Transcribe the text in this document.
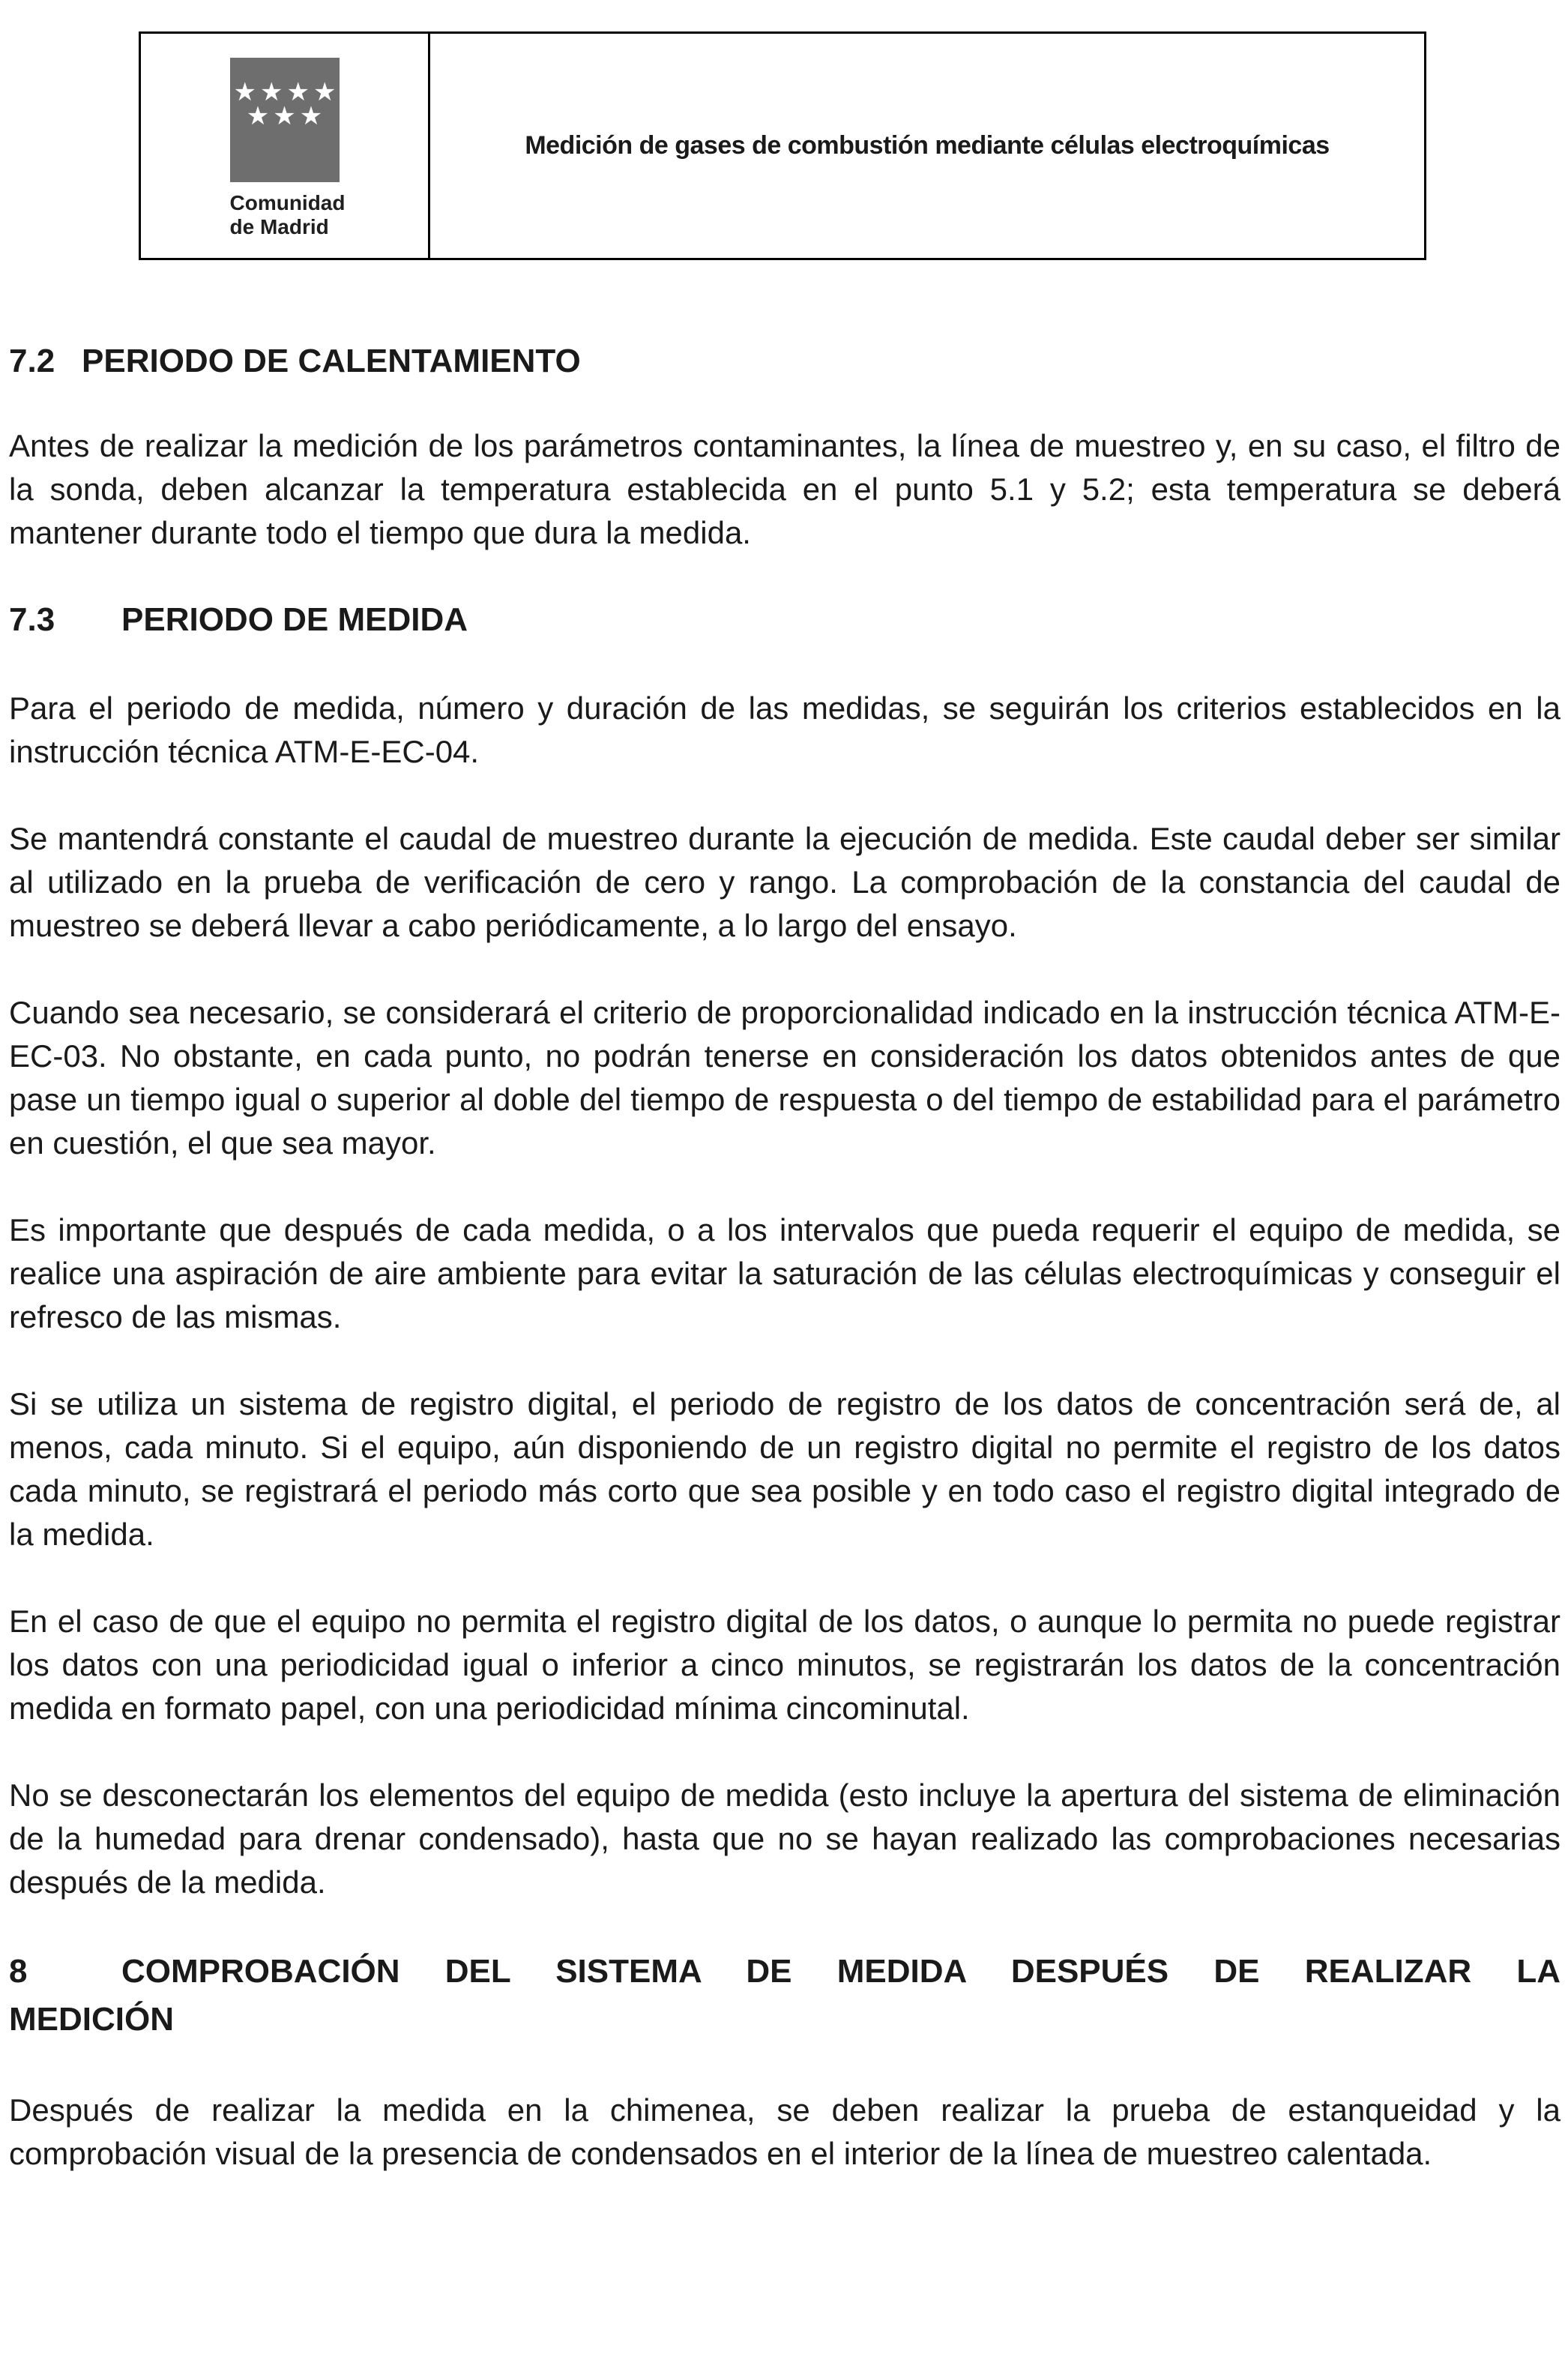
★★★★
★★★
Comunidad
de Madrid
Medición de gases de combustión mediante células electroquímicas
7.2 PERIODO DE CALENTAMIENTO

Antes de realizar la medición de los parámetros contaminantes, la línea de muestreo y, en su caso, el filtro de la sonda, deben alcanzar la temperatura establecida en el punto 5.1 y 5.2; esta temperatura se deberá mantener durante todo el tiempo que dura la medida.

7.3 PERIODO DE MEDIDA

Para el periodo de medida, número y duración de las medidas, se seguirán los criterios establecidos en la instrucción técnica ATM-E-EC-04.

Se mantendrá constante el caudal de muestreo durante la ejecución de medida. Este caudal deber ser similar al utilizado en la prueba de verificación de cero y rango. La comprobación de la constancia del caudal de muestreo se deberá llevar a cabo periódicamente, a lo largo del ensayo.

Cuando sea necesario, se considerará el criterio de proporcionalidad indicado en la instrucción técnica ATM-E-EC-03. No obstante, en cada punto, no podrán tenerse en consideración los datos obtenidos antes de que pase un tiempo igual o superior al doble del tiempo de respuesta o del tiempo de estabilidad para el parámetro en cuestión, el que sea mayor.

Es importante que después de cada medida, o a los intervalos que pueda requerir el equipo de medida, se realice una aspiración de aire ambiente para evitar la saturación de las células electroquímicas y conseguir el refresco de las mismas.

Si se utiliza un sistema de registro digital, el periodo de registro de los datos de concentración será de, al menos, cada minuto. Si el equipo, aún disponiendo de un registro digital no permite el registro de los datos cada minuto, se registrará el periodo más corto que sea posible y en todo caso el registro digital integrado de la medida.

En el caso de que el equipo no permita el registro digital de los datos, o aunque lo permita no puede registrar los datos con una periodicidad igual o inferior a cinco minutos, se registrarán los datos de la concentración medida en formato papel, con una periodicidad mínima cincominutal.

No se desconectarán los elementos del equipo de medida (esto incluye la apertura del sistema de eliminación de la humedad para drenar condensado), hasta que no se hayan realizado las comprobaciones necesarias después de la medida.

8	COMPROBACIÓN DEL SISTEMA DE MEDIDA DESPUÉS DE REALIZAR LA
MEDICIÓN

Después de realizar la medida en la chimenea, se deben realizar la prueba de estanqueidad y la comprobación visual de la presencia de condensados en el interior de la línea de muestreo calentada.
